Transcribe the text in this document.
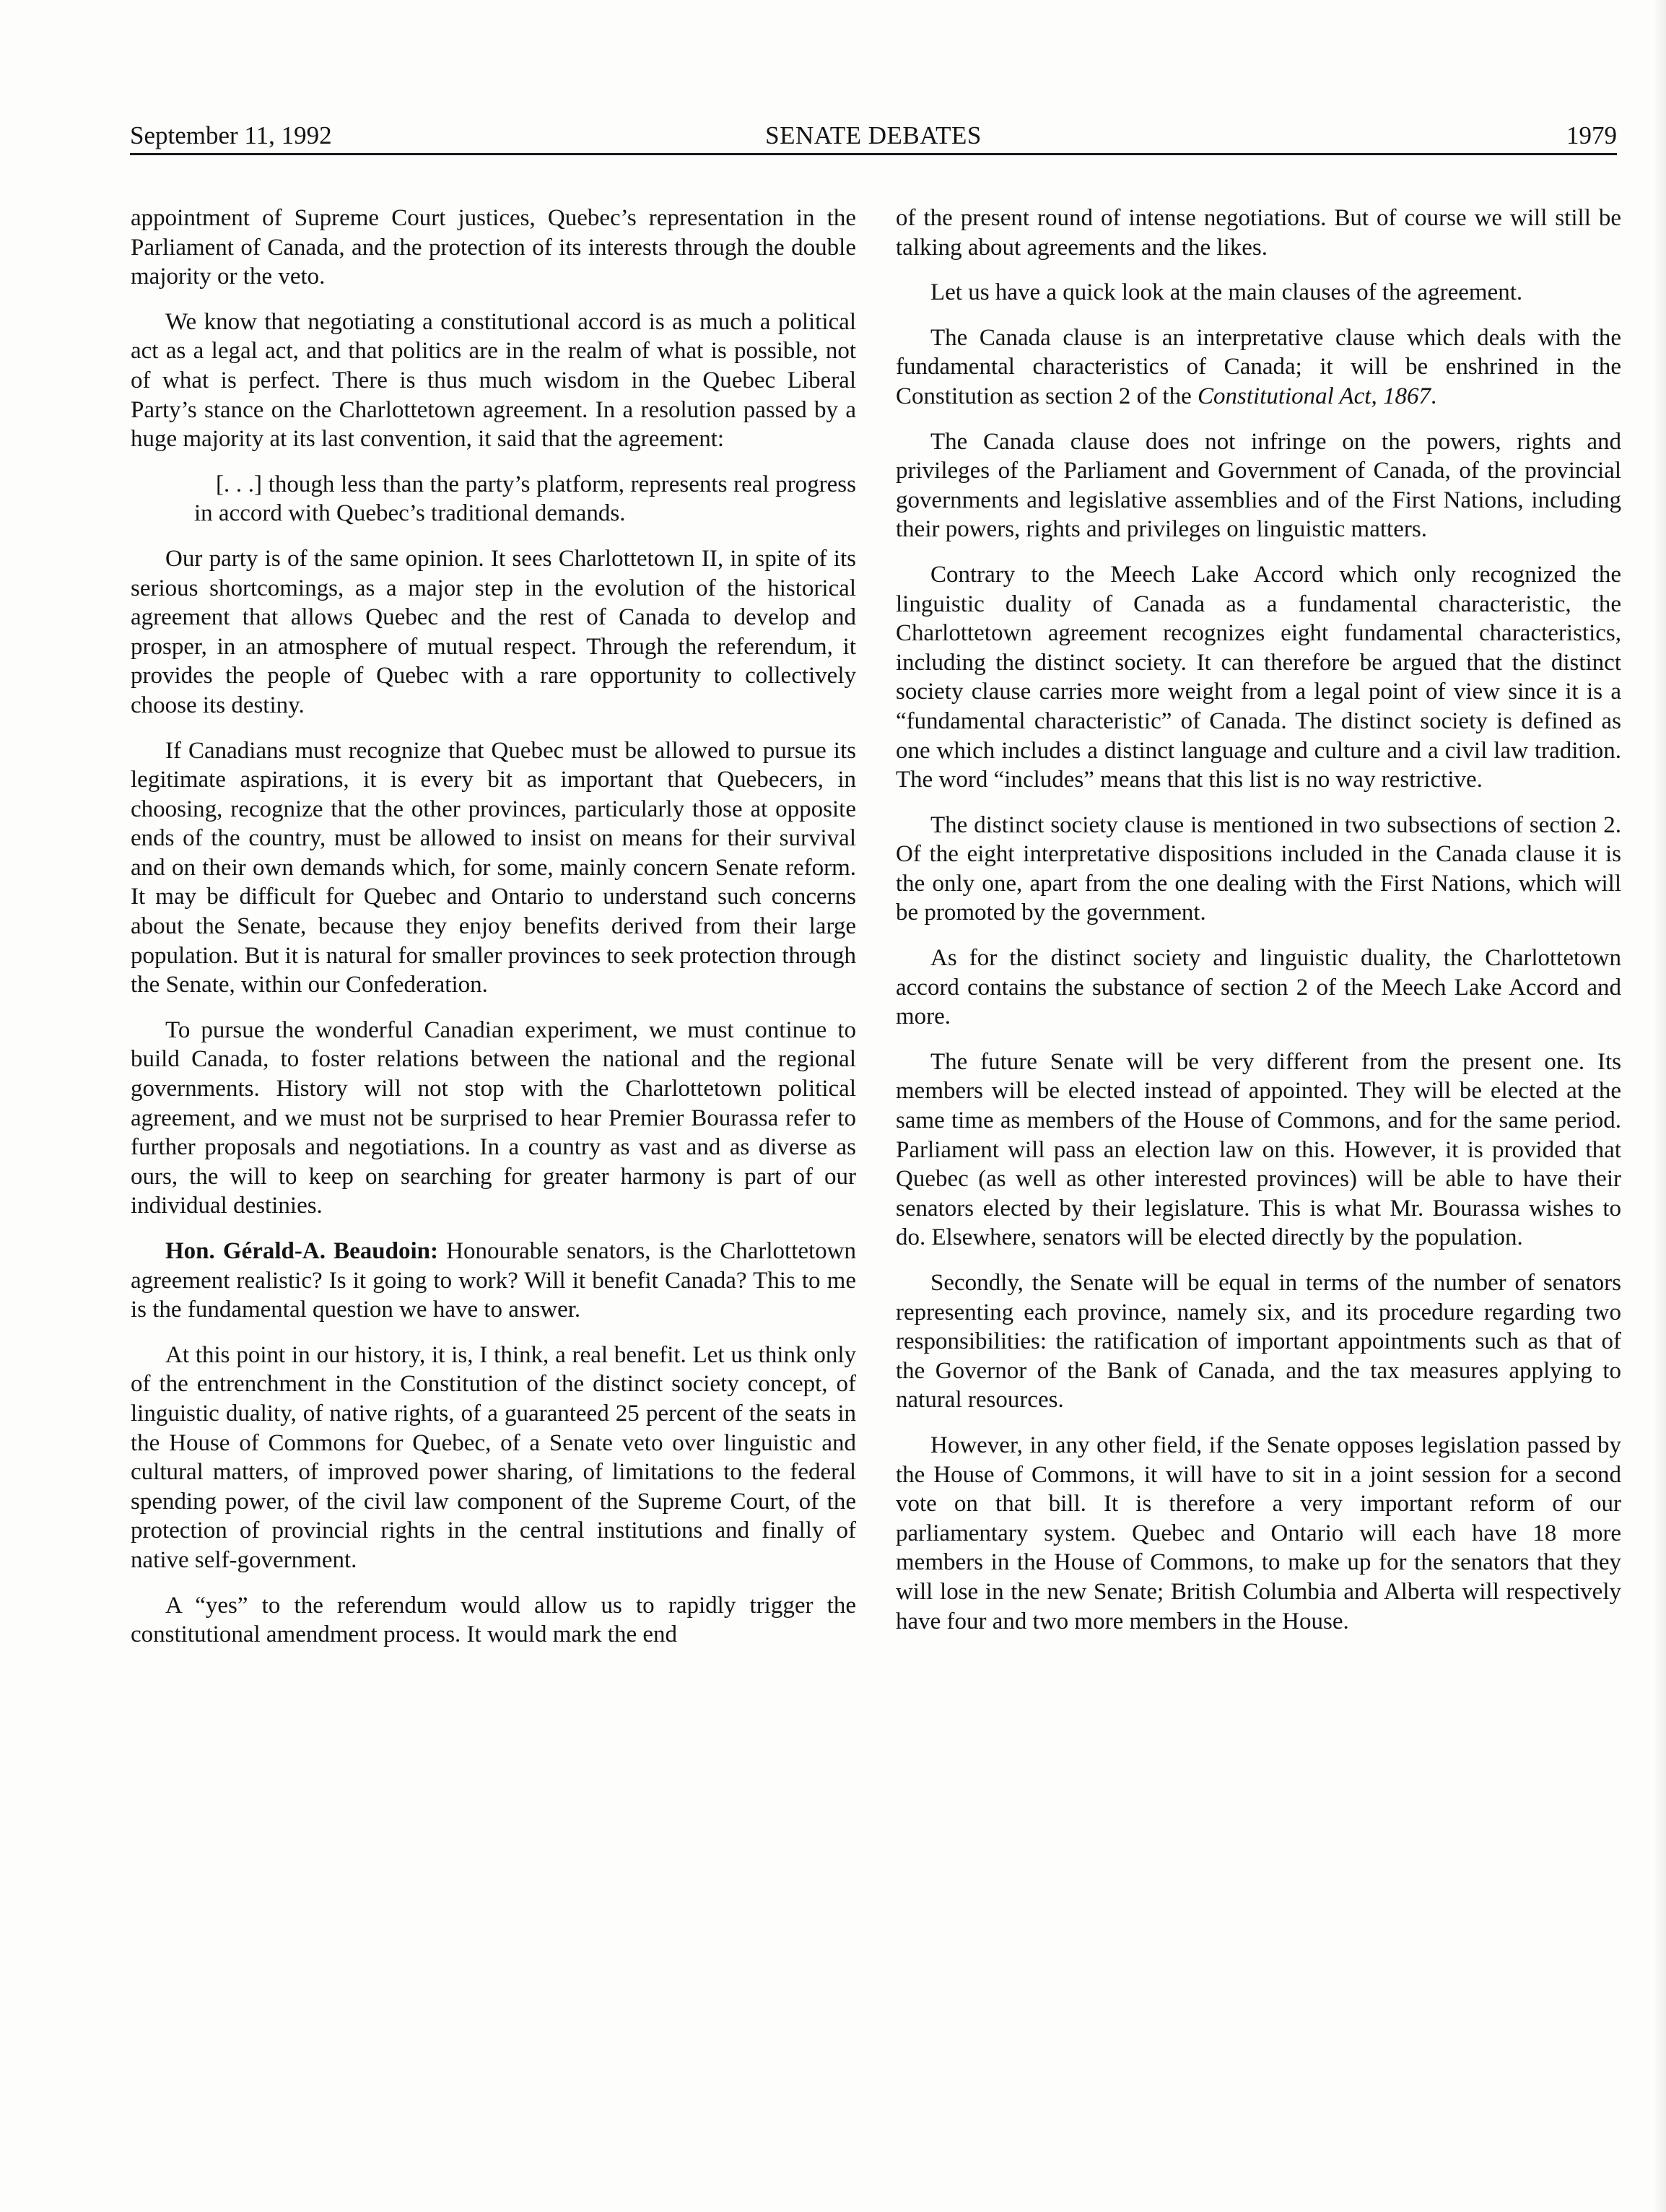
September 11, 1992	SENATE DEBATES	1979

appointment of Supreme Court justices, Quebec’s representation in the Parliament of Canada, and the protection of its interests through the double majority or the veto.

We know that negotiating a constitutional accord is as much a political act as a legal act, and that politics are in the realm of what is possible, not of what is perfect. There is thus much wisdom in the Quebec Liberal Party’s stance on the Charlottetown agreement. In a resolution passed by a huge majority at its last convention, it said that the agreement:

[. . .] though less than the party’s platform, represents real progress in accord with Quebec’s traditional demands.

Our party is of the same opinion. It sees Charlottetown II, in spite of its serious shortcomings, as a major step in the evolution of the historical agreement that allows Quebec and the rest of Canada to develop and prosper, in an atmosphere of mutual respect. Through the referendum, it provides the people of Quebec with a rare opportunity to collectively choose its destiny.

If Canadians must recognize that Quebec must be allowed to pursue its legitimate aspirations, it is every bit as important that Quebecers, in choosing, recognize that the other provinces, particularly those at opposite ends of the country, must be allowed to insist on means for their survival and on their own demands which, for some, mainly concern Senate reform. It may be difficult for Quebec and Ontario to understand such concerns about the Senate, because they enjoy benefits derived from their large population. But it is natural for smaller provinces to seek protection through the Senate, within our Confederation.

To pursue the wonderful Canadian experiment, we must continue to build Canada, to foster relations between the national and the regional governments. History will not stop with the Charlottetown political agreement, and we must not be surprised to hear Premier Bourassa refer to further proposals and negotiations. In a country as vast and as diverse as ours, the will to keep on searching for greater harmony is part of our individual destinies.

Hon. Gérald-A. Beaudoin: Honourable senators, is the Charlottetown agreement realistic? Is it going to work? Will it benefit Canada? This to me is the fundamental question we have to answer.

At this point in our history, it is, I think, a real benefit. Let us think only of the entrenchment in the Constitution of the distinct society concept, of linguistic duality, of native rights, of a guaranteed 25 percent of the seats in the House of Commons for Quebec, of a Senate veto over linguistic and cultural matters, of improved power sharing, of limitations to the federal spending power, of the civil law component of the Supreme Court, of the protection of provincial rights in the central institutions and finally of native self-government.

A “yes” to the referendum would allow us to rapidly trigger the constitutional amendment process. It would mark the end

of the present round of intense negotiations. But of course we will still be talking about agreements and the likes.

Let us have a quick look at the main clauses of the agreement.

The Canada clause is an interpretative clause which deals with the fundamental characteristics of Canada; it will be enshrined in the Constitution as section 2 of the Constitutional Act, 1867.

The Canada clause does not infringe on the powers, rights and privileges of the Parliament and Government of Canada, of the provincial governments and legislative assemblies and of the First Nations, including their powers, rights and privileges on linguistic matters.

Contrary to the Meech Lake Accord which only recognized the linguistic duality of Canada as a fundamental characteristic, the Charlottetown agreement recognizes eight fundamental characteristics, including the distinct society. It can therefore be argued that the distinct society clause carries more weight from a legal point of view since it is a “fundamental characteristic” of Canada. The distinct society is defined as one which includes a distinct language and culture and a civil law tradition. The word “includes” means that this list is no way restrictive.

The distinct society clause is mentioned in two subsections of section 2. Of the eight interpretative dispositions included in the Canada clause it is the only one, apart from the one dealing with the First Nations, which will be promoted by the government.

As for the distinct society and linguistic duality, the Charlottetown accord contains the substance of section 2 of the Meech Lake Accord and more.

The future Senate will be very different from the present one. Its members will be elected instead of appointed. They will be elected at the same time as members of the House of Commons, and for the same period. Parliament will pass an election law on this. However, it is provided that Quebec (as well as other interested provinces) will be able to have their senators elected by their legislature. This is what Mr. Bourassa wishes to do. Elsewhere, senators will be elected directly by the population.

Secondly, the Senate will be equal in terms of the number of senators representing each province, namely six, and its procedure regarding two responsibilities: the ratification of important appointments such as that of the Governor of the Bank of Canada, and the tax measures applying to natural resources.

However, in any other field, if the Senate opposes legislation passed by the House of Commons, it will have to sit in a joint session for a second vote on that bill. It is therefore a very important reform of our parliamentary system. Quebec and Ontario will each have 18 more members in the House of Commons, to make up for the senators that they will lose in the new Senate; British Columbia and Alberta will respectively have four and two more members in the House.
